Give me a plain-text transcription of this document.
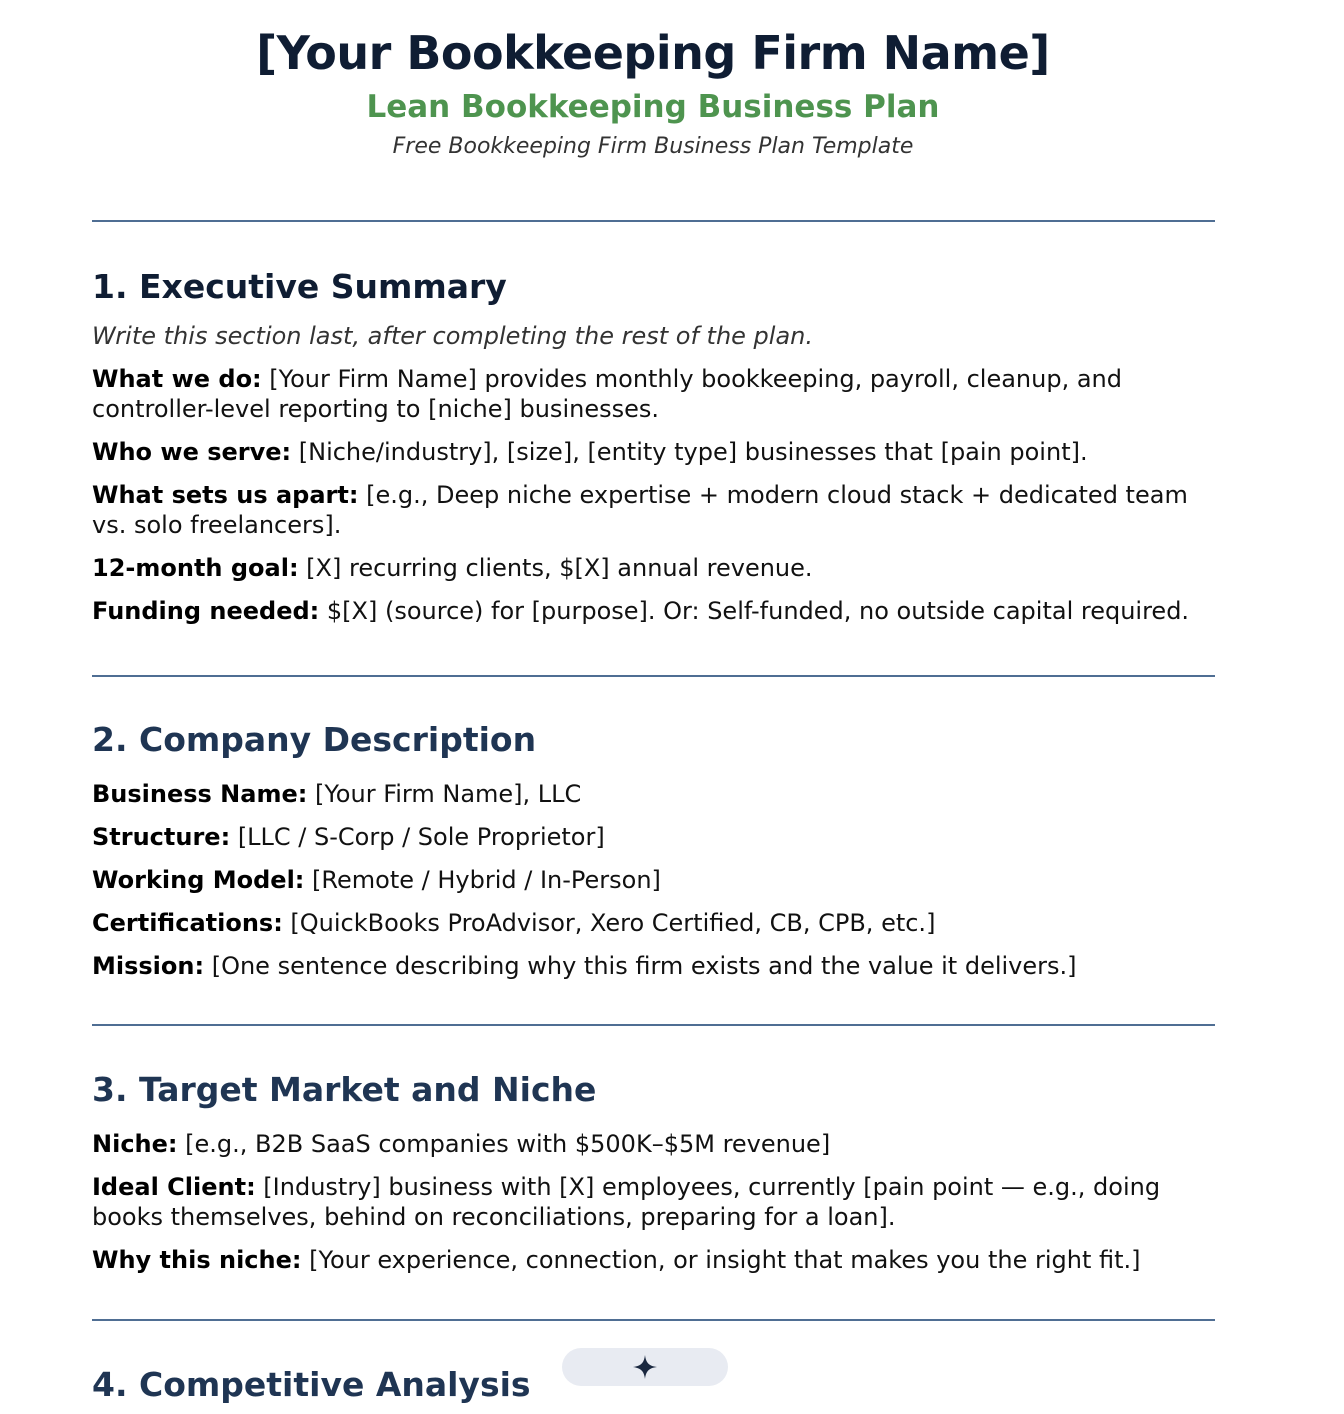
[Your Bookkeeping Firm Name]
Lean Bookkeeping Business Plan
Free Bookkeeping Firm Business Plan Template
1. Executive Summary

Write this section last, after completing the rest of the plan.

What we do: [Your Firm Name] provides monthly bookkeeping, payroll, cleanup, and controller-level reporting to [niche] businesses.

Who we serve: [Niche/industry], [size], [entity type] businesses that [pain point].

What sets us apart: [e.g., Deep niche expertise + modern cloud stack + dedicated team vs. solo freelancers].

12-month goal: [X] recurring clients, $[X] annual revenue.

Funding needed: $[X] (source) for [purpose]. Or: Self-funded, no outside capital required.

2. Company Description

Business Name: [Your Firm Name], LLC

Structure: [LLC / S-Corp / Sole Proprietor]

Working Model: [Remote / Hybrid / In-Person]

Certifications: [QuickBooks ProAdvisor, Xero Certified, CB, CPB, etc.]

Mission: [One sentence describing why this firm exists and the value it delivers.]

3. Target Market and Niche

Niche: [e.g., B2B SaaS companies with $500K–$5M revenue]

Ideal Client: [Industry] business with [X] employees, currently [pain point — e.g., doing books themselves, behind on reconciliations, preparing for a loan].

Why this niche: [Your experience, connection, or insight that makes you the right fit.]

4. Competitive Analysis
